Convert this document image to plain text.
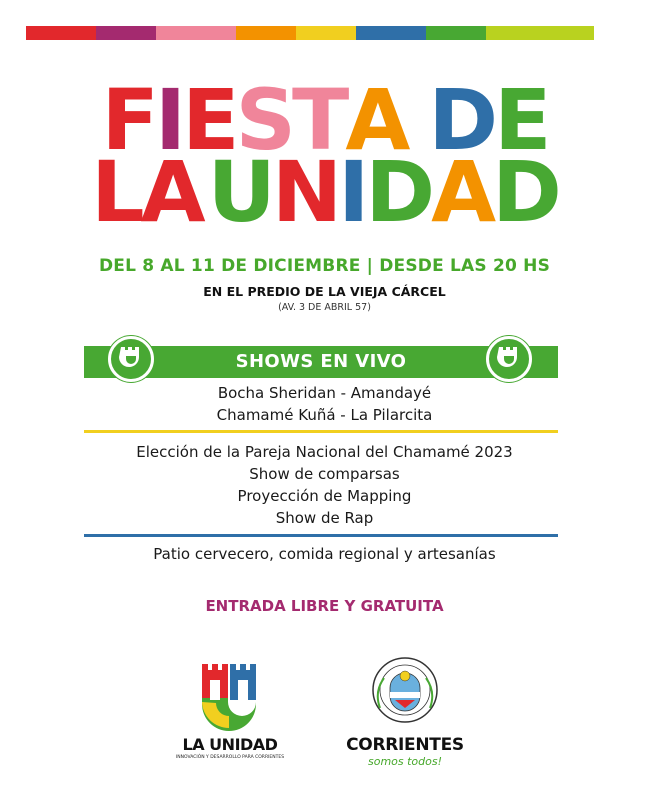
FIESTA DE
LAUNIDAD
DEL 8 AL 11 DE DICIEMBRE | DESDE LAS 20 HS
EN EL PREDIO DE LA VIEJA CÁRCEL
(AV. 3 DE ABRIL 57)
SHOWS EN VIVO
Bocha Sheridan - Amandayé
Chamamé Kuñá - La Pilarcita
Elección de la Pareja Nacional del Chamamé 2023
Show de comparsas
Proyección de Mapping
Show de Rap
Patio cervecero, comida regional y artesanías
ENTRADA LIBRE Y GRATUITA
LA UNIDAD
INNOVACIÓN Y DESARROLLO PARA CORRIENTES
CORRIENTES
somos todos!
